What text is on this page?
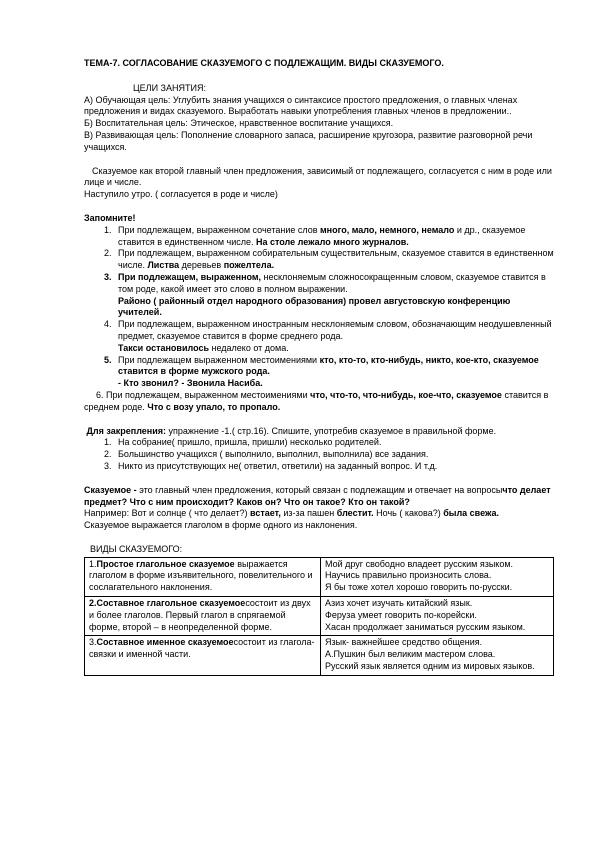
ТЕМА-7. СОГЛАСОВАНИЕ СКАЗУЕМОГО С ПОДЛЕЖАЩИМ. ВИДЫ СКАЗУЕМОГО.

ЦЕЛИ ЗАНЯТИЯ:

А) Обучающая цель: Углубить знания учащихся о синтаксисе простого предложения, о главных членах предложения и видах сказуемого. Выработать навыки употребления главных членов в предложении..

Б) Воспитательная цель: Этическое, нравственное воспитание учащихся.

В) Развивающая цель: Пополнение словарного запаса, расширение кругозора, развитие разговорной речи учащихся.

Сказуемое как второй главный член предложения, зависимый от подлежащего, согласуется с ним в роде или лице и числе.

Наступило утро. ( согласуется в роде и числе)

Запомните!

1. При подлежащем, выраженном сочетание слов много, мало, немного, немало и др., сказуемое ставится в единственном числе. На столе лежало много журналов.
2. При подлежащем, выраженном собирательным существительным, сказуемое ставится в единственном числе. Листва деревьев пожелтела.
3. При подлежащем, выраженном, несклоняемым сложносокращенным словом, сказуемое ставится в том роде, какой имеет это слово в полном выражении.
Районо ( районный отдел народного образования) провел августовскую конференцию учителей.
4. При подлежащем, выраженном иностранным несклоняемым словом, обозначающим неодушевленный предмет, сказуемое ставится в форме среднего рода.
Такси остановилось недалеко от дома.
5. При подлежащем выраженном местоимениями кто, кто-то, кто-нибудь, никто, кое-кто, сказуемое ставится в форме мужского рода.
- Кто звонил? - Звонила Насиба.

6. При подлежащем, выраженном местоимениями что, что-то, что-нибудь, кое-что, сказуемое ставится в среднем роде. Что с возу упало, то пропало.

Для закрепления: упражнение -1.( стр.16). Спишите, употребив сказуемое в правильной форме.

1. На собрание( пришло, пришла, пришли) несколько родителей.
2. Большинство учащихся ( выполнило, выполнил, выполнила) все задания.
3. Никто из присутствующих не( ответил, ответили) на заданный вопрос. И т.д.

Сказуемое - это главный член предложения, который связан с подлежащим и отвечает на вопросычто делает предмет? Что с ним происходит? Каков он? Что он такое? Кто он такой?

Например: Вот и солнце ( что делает?) встает, из-за пашен блестит. Ночь ( какова?) была свежа.

Сказуемое выражается глаголом в форме одного из наклонения.

ВИДЫ СКАЗУЕМОГО:

1.Простое глагольное сказуемое выражается глаголом в форме изъявительного, повелительного и сослагательного наклонения.	Мой друг свободно владеет русским языком.

Научись правильно произносить слова.

Я бы тоже хотел хорошо говорить по-русски.

2.Составное глагольное сказуемоесостоит из двух и более глаголов. Первый глагол в спрягаемой форме, второй – в неопределенной форме.	Азиз хочет изучать китайский язык.

Феруза умеет говорить по-корейски.

Хасан продолжает заниматься русским языком.

3.Составное именное сказуемоесостоит из глагола-связки и именной части.	Язык- важнейшее средство общения.

А.Пушкин был великим мастером слова.

Русский язык является одним из мировых языков.
